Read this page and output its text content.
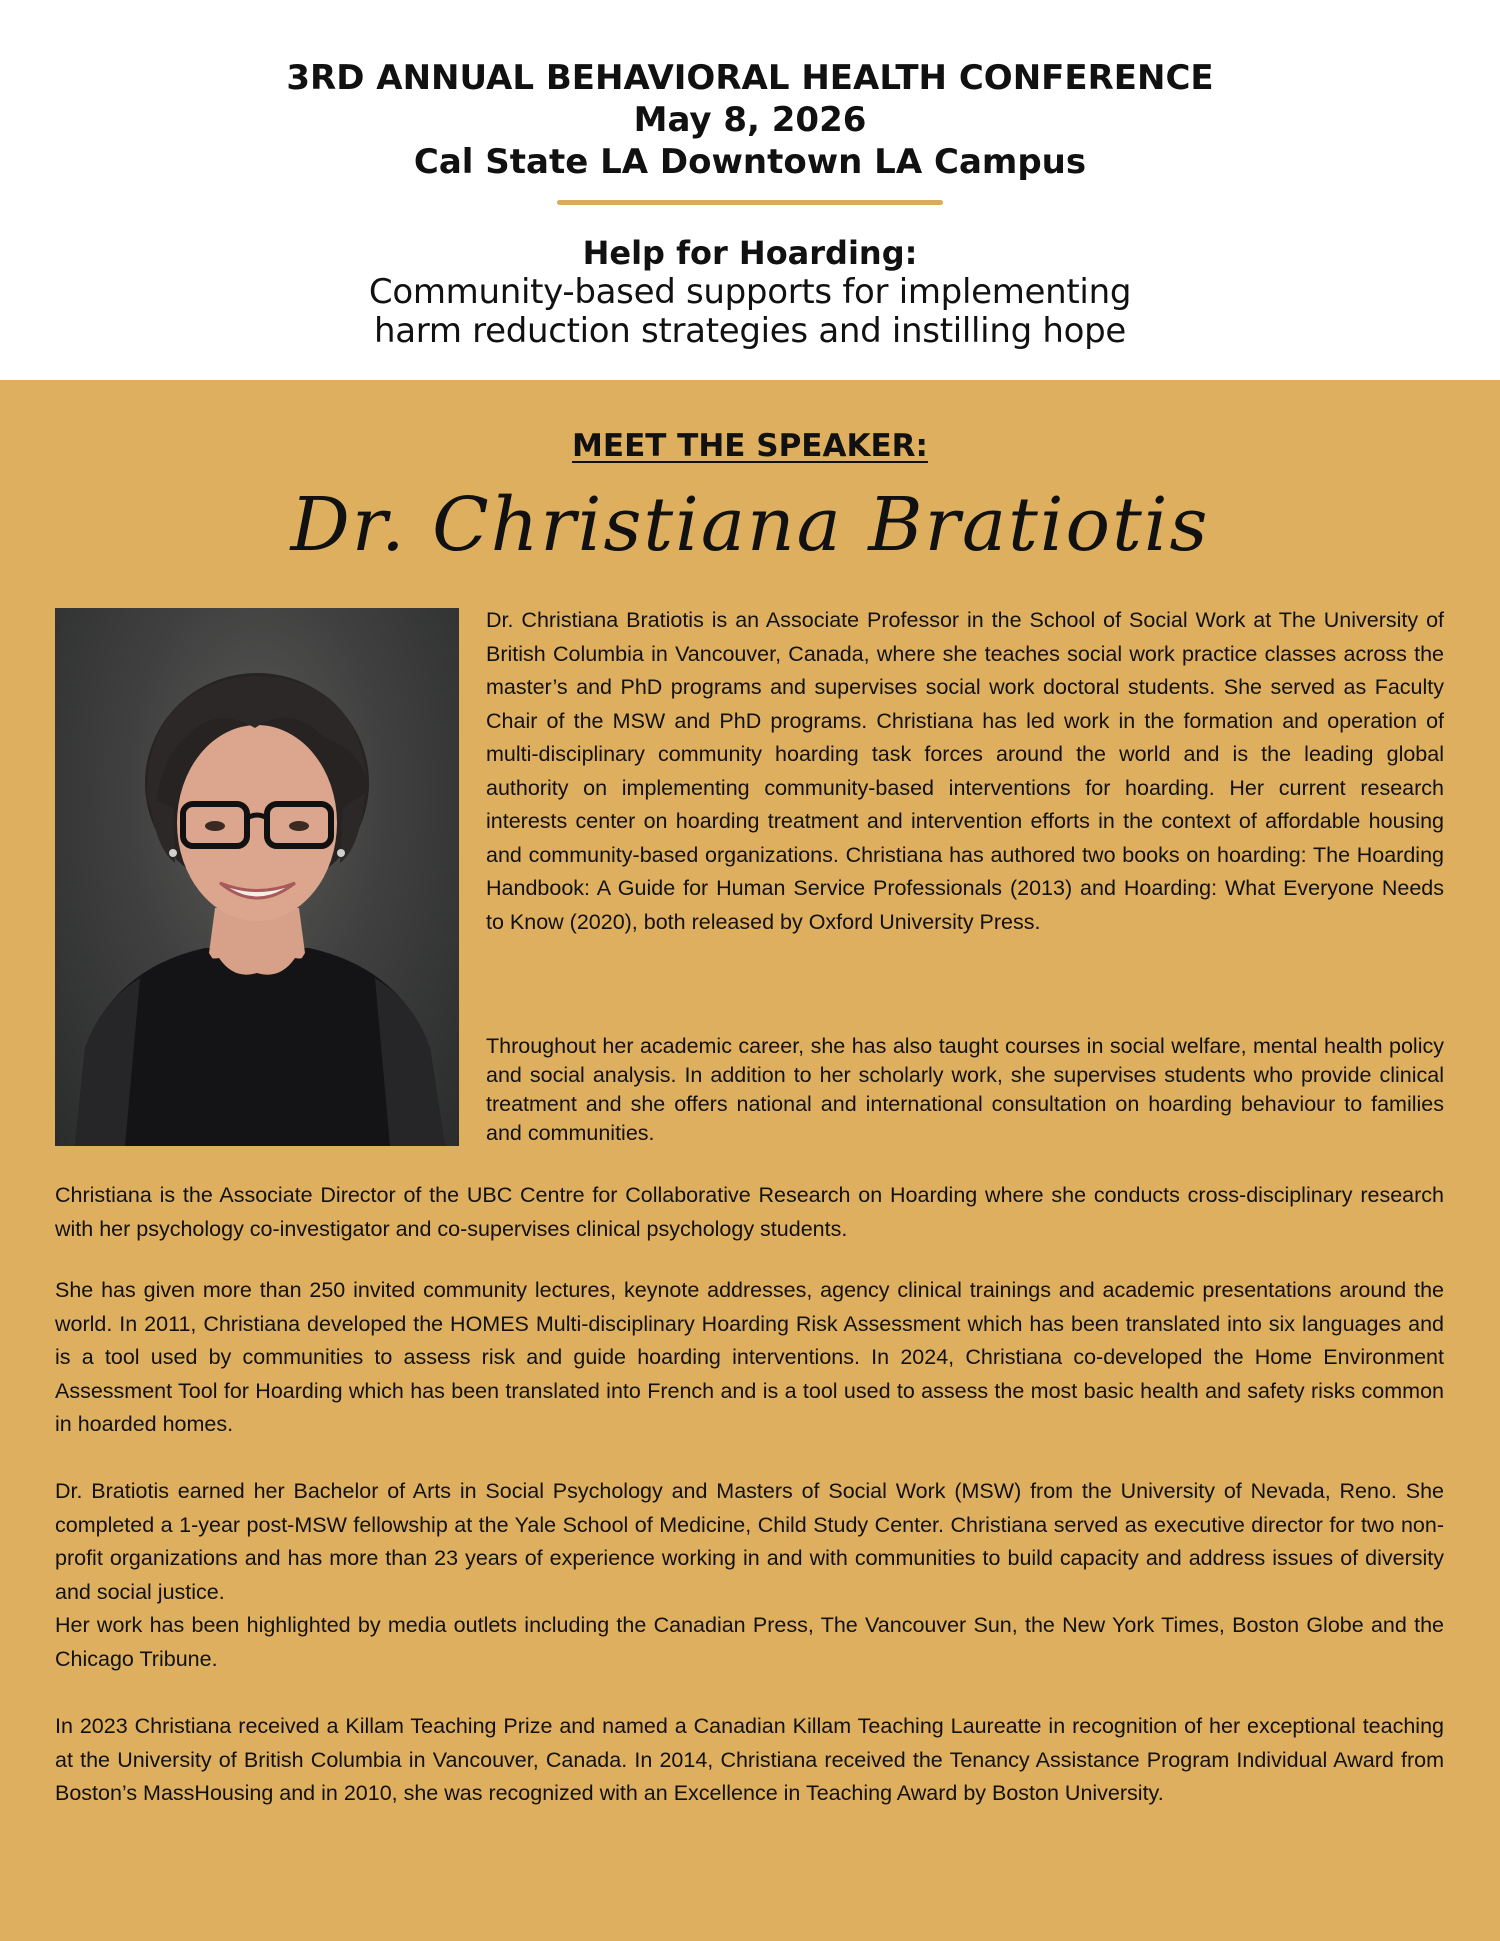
3RD ANNUAL BEHAVIORAL HEALTH CONFERENCE

May 8, 2026

Cal State LA Downtown LA Campus

Help for Hoarding:
Community-based supports for implementing
harm reduction strategies and instilling hope
MEET THE SPEAKER:
Dr. Christiana Bratiotis

Dr. Christiana Bratiotis is an Associate Professor in the School of Social Work at The University of British Columbia in Vancouver, Canada, where she teaches social work practice classes across the master’s and PhD programs and supervises social work doctoral students. She served as Faculty Chair of the MSW and PhD programs. Christiana has led work in the formation and operation of multi-disciplinary community hoarding task forces around the world and is the leading global authority on implementing community-based interventions for hoarding. Her current research interests center on hoarding treatment and intervention efforts in the context of affordable housing and community-based organizations. Christiana has authored two books on hoarding: The Hoarding Handbook: A Guide for Human Service Professionals (2013) and Hoarding: What Everyone Needs to Know (2020), both released by Oxford University Press.

Throughout her academic career, she has also taught courses in social welfare, mental health policy and social analysis. In addition to her scholarly work, she supervises students who provide clinical treatment and she offers national and international consultation on hoarding behaviour to families and communities.

Christiana is the Associate Director of the UBC Centre for Collaborative Research on Hoarding where she conducts cross-disciplinary research with her psychology co-investigator and co-supervises clinical psychology students.

She has given more than 250 invited community lectures, keynote addresses, agency clinical trainings and academic presentations around the world. In 2011, Christiana developed the HOMES Multi-disciplinary Hoarding Risk Assessment which has been translated into six languages and is a tool used by communities to assess risk and guide hoarding interventions. In 2024, Christiana co-developed the Home Environment Assessment Tool for Hoarding which has been translated into French and is a tool used to assess the most basic health and safety risks common in hoarded homes.

Dr. Bratiotis earned her Bachelor of Arts in Social Psychology and Masters of Social Work (MSW) from the University of Nevada, Reno. She completed a 1-year post-MSW fellowship at the Yale School of Medicine, Child Study Center. Christiana served as executive director for two non-profit organizations and has more than 23 years of experience working in and with communities to build capacity and address issues of diversity and social justice.

Her work has been highlighted by media outlets including the Canadian Press, The Vancouver Sun, the New York Times, Boston Globe and the Chicago Tribune.

In 2023 Christiana received a Killam Teaching Prize and named a Canadian Killam Teaching Laureatte in recognition of her exceptional teaching at the University of British Columbia in Vancouver, Canada. In 2014, Christiana received the Tenancy Assistance Program Individual Award from Boston’s MassHousing and in 2010, she was recognized with an Excellence in Teaching Award by Boston University.
